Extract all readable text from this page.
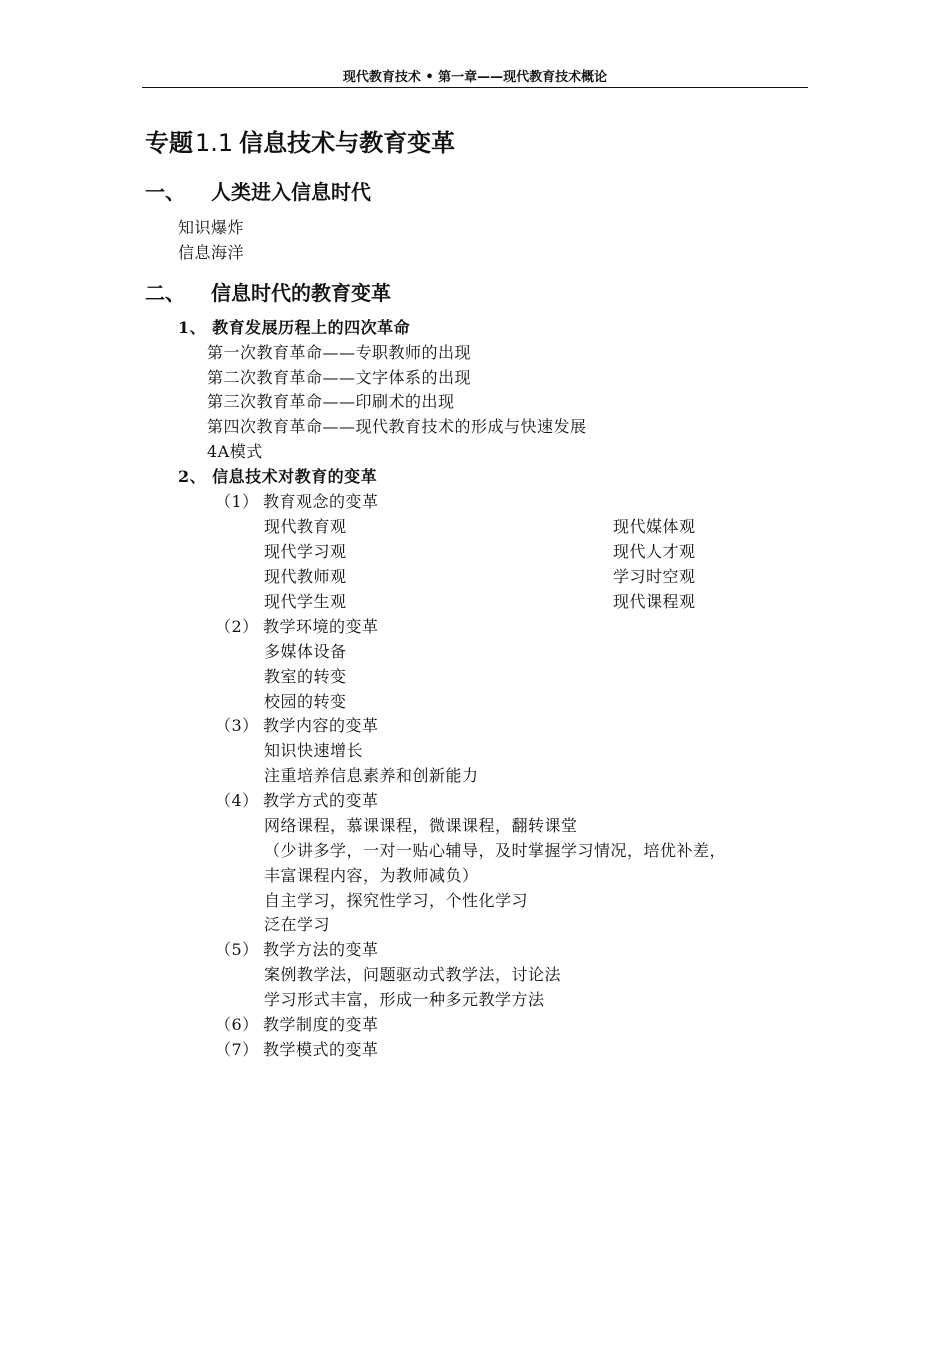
现代教育技术 • 第一章——现代教育技术概论
专题1.1 信息技术与教育变革
一、 人类进入信息时代
知识爆炸
信息海洋
二、 信息时代的教育变革
1、 教育发展历程上的四次革命
第一次教育革命——专职教师的出现
第二次教育革命——文字体系的出现
第三次教育革命——印刷术的出现
第四次教育革命——现代教育技术的形成与快速发展
4A模式
2、 信息技术对教育的变革
（1） 教育观念的变革
现代教育观	现代媒体观
现代学习观	现代人才观
现代教师观	学习时空观
现代学生观	现代课程观
（2） 教学环境的变革
多媒体设备
教室的转变
校园的转变
（3） 教学内容的变革
知识快速增长
注重培养信息素养和创新能力
（4） 教学方式的变革
网络课程，慕课课程，微课课程，翻转课堂
（少讲多学，一对一贴心辅导，及时掌握学习情况，培优补差，
丰富课程内容，为教师减负）
自主学习，探究性学习，个性化学习
泛在学习
（5） 教学方法的变革
案例教学法，问题驱动式教学法，讨论法
学习形式丰富，形成一种多元教学方法
（6） 教学制度的变革
（7） 教学模式的变革
